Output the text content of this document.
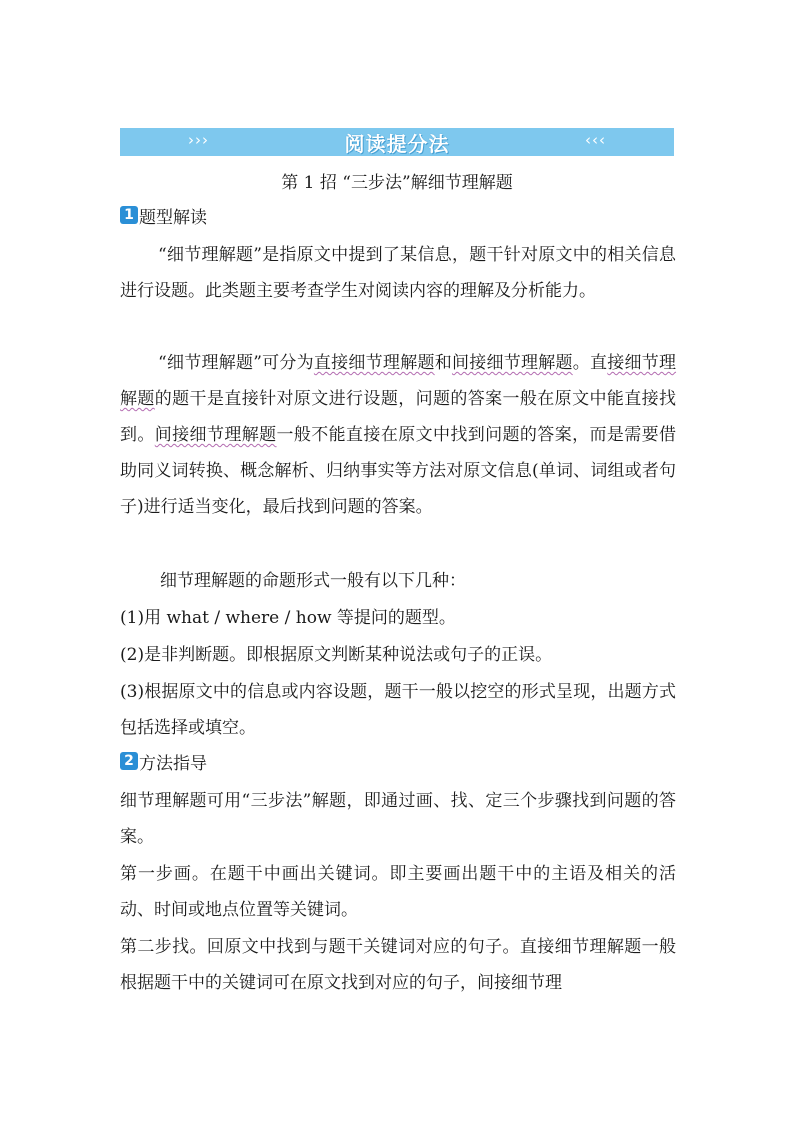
›››	阅读提分法	‹‹‹
第 1 招 “三步法”解细节理解题
1 题型解读

“细节理解题”是指原文中提到了某信息，题干针对原文中的相关信息进行设题。此类题主要考查学生对阅读内容的理解及分析能力。

“细节理解题”可分为直接细节理解题和间接细节理解题。直接细节理解题的题干是直接针对原文进行设题，问题的答案一般在原文中能直接找到。间接细节理解题一般不能直接在原文中找到问题的答案，而是需要借助同义词转换、概念解析、归纳事实等方法对原文信息(单词、词组或者句子)进行适当变化，最后找到问题的答案。

细节理解题的命题形式一般有以下几种：

(1)用 what / where / how 等提问的题型。

(2)是非判断题。即根据原文判断某种说法或句子的正误。

(3)根据原文中的信息或内容设题，题干一般以挖空的形式呈现，出题方式包括选择或填空。

2 方法指导

细节理解题可用“三步法”解题，即通过画、找、定三个步骤找到问题的答案。

第一步画。在题干中画出关键词。即主要画出题干中的主语及相关的活动、时间或地点位置等关键词。

第二步找。回原文中找到与题干关键词对应的句子。直接细节理解题一般根据题干中的关键词可在原文找到对应的句子，间接细节理
